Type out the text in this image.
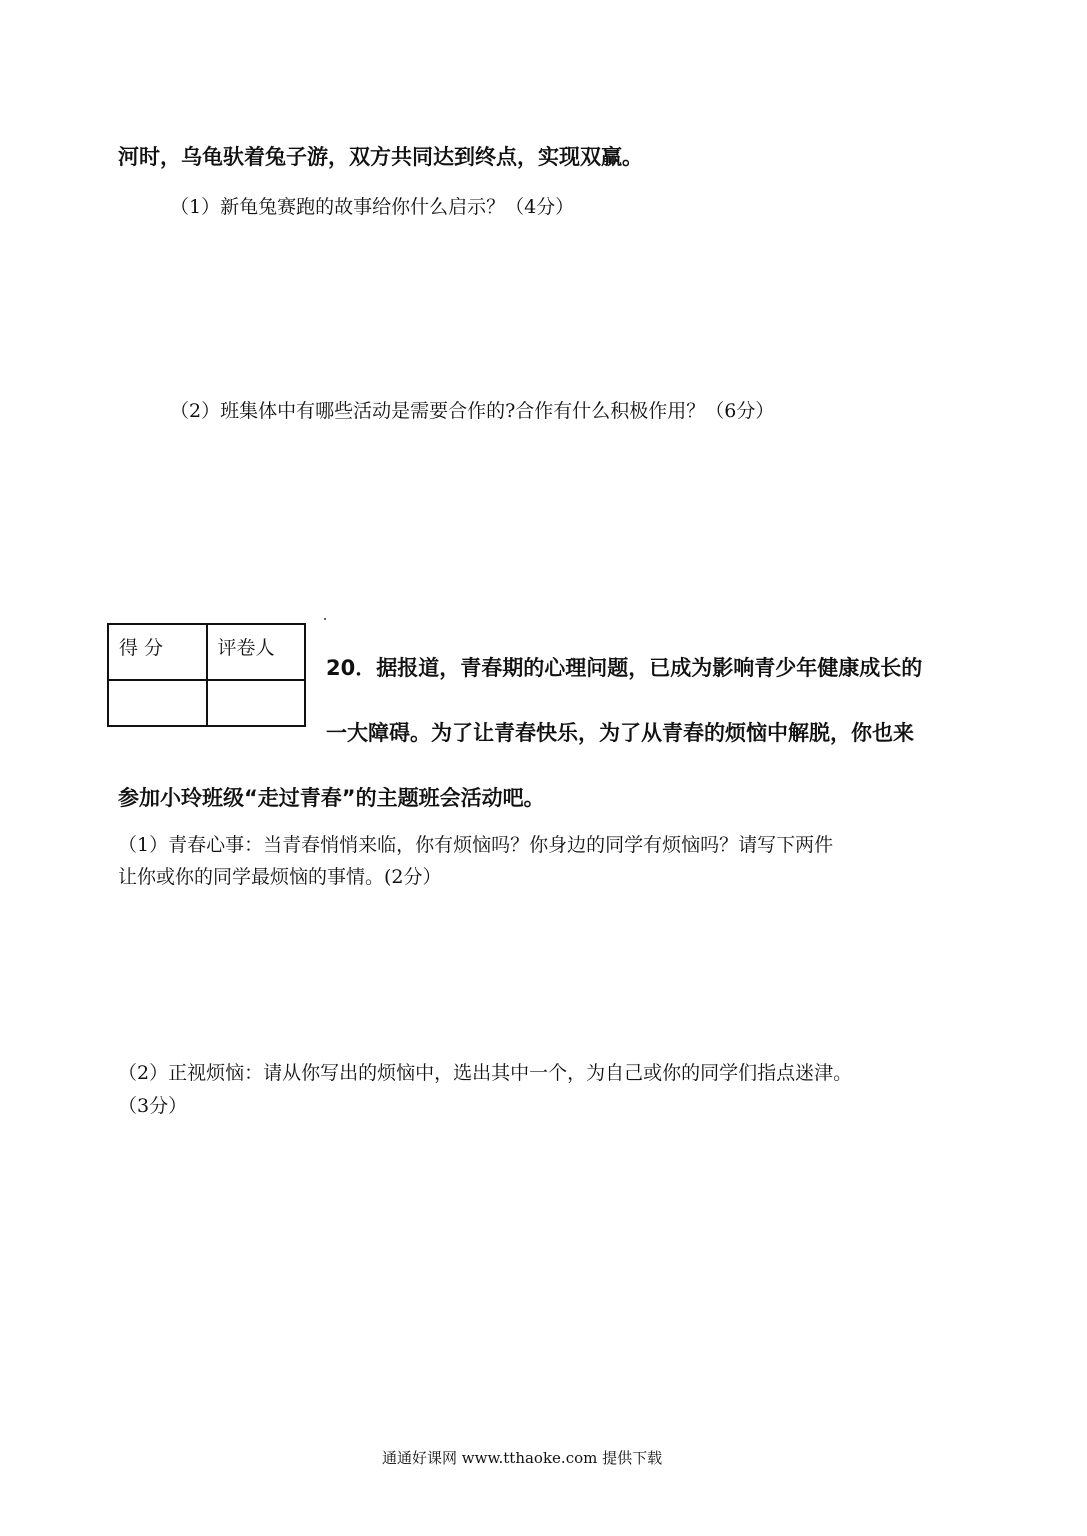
河时，乌龟驮着兔子游，双方共同达到终点，实现双赢。
（1）新龟兔赛跑的故事给你什么启示？（4分）
（2）班集体中有哪些活动是需要合作的?合作有什么积极作用？（6分）
得 分	评卷人

20．据报道，青春期的心理问题，已成为影响青少年健康成长的
一大障碍。为了让青春快乐，为了从青春的烦恼中解脱，你也来
参加小玲班级“走过青春”的主题班会活动吧。
（1）青春心事：当青春悄悄来临，你有烦恼吗？你身边的同学有烦恼吗？请写下两件
让你或你的同学最烦恼的事情。(2分）
（2）正视烦恼：请从你写出的烦恼中，选出其中一个，为自己或你的同学们指点迷津。
（3分）
通通好课网 www.tthaoke.com 提供下载
